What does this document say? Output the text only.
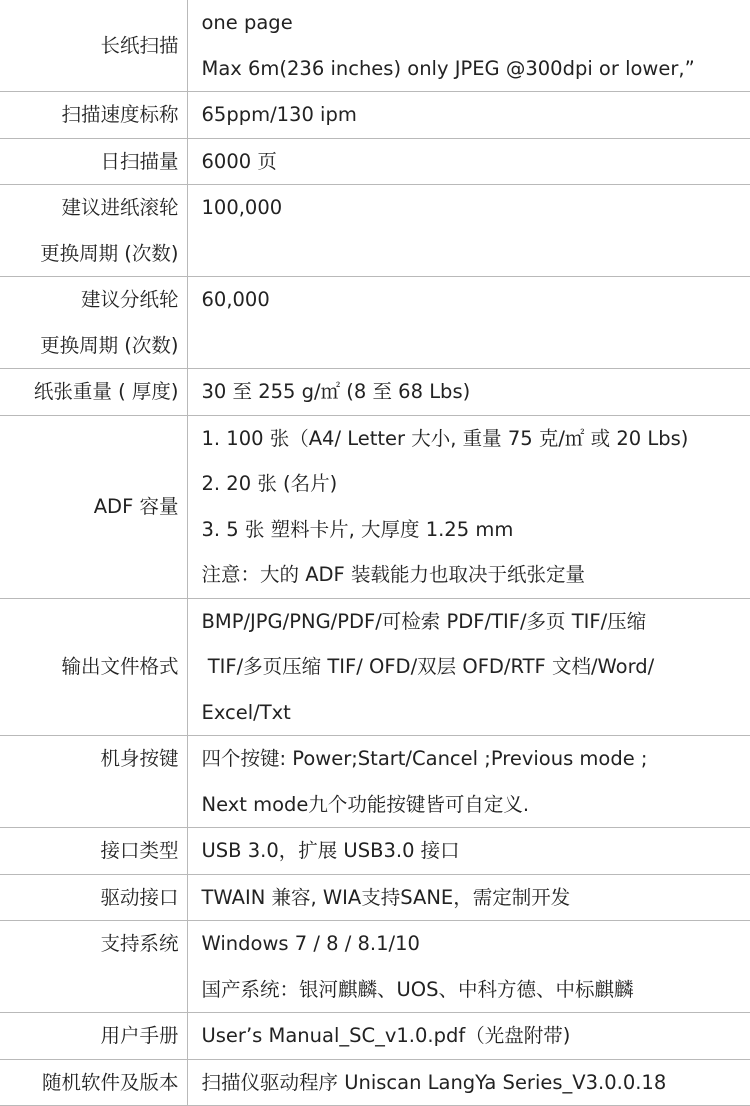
长纸扫描	one page
Max 6m(236 inches) only JPEG @300dpi or lower,”

扫描速度标称	65ppm/130 ipm

日扫描量	6000 页

建议进纸滚轮
更换周期 (次数)	100,000

建议分纸轮
更换周期 (次数)	60,000

纸张重量 ( 厚度)	30 至 255 g/㎡ (8 至 68 Lbs)

ADF 容量	1. 100 张（A4/ Letter 大小, 重量 75 克/㎡ 或 20 Lbs)
2. 20 张 (名片)
3. 5 张 塑料卡片, 大厚度 1.25 mm
注意：大的 ADF 装载能力也取决于纸张定量

输出文件格式	BMP/JPG/PNG/PDF/可检索 PDF/TIF/多页 TIF/压缩
TIF/多页压缩 TIF/ OFD/双层 OFD/RTF 文档/Word/
Excel/Txt

机身按键	四个按键: Power;Start/Cancel ;Previous mode ;
Next mode九个功能按键皆可自定义.

接口类型	USB 3.0，扩展 USB3.0 接口

驱动接口	TWAIN 兼容, WIA支持SANE，需定制开发

支持系统	Windows 7 / 8 / 8.1/10
国产系统：银河麒麟、UOS、中科方德、中标麒麟

用户手册	User’s Manual_SC_v1.0.pdf（光盘附带)

随机软件及版本	扫描仪驱动程序 Uniscan LangYa Series_V3.0.0.18
